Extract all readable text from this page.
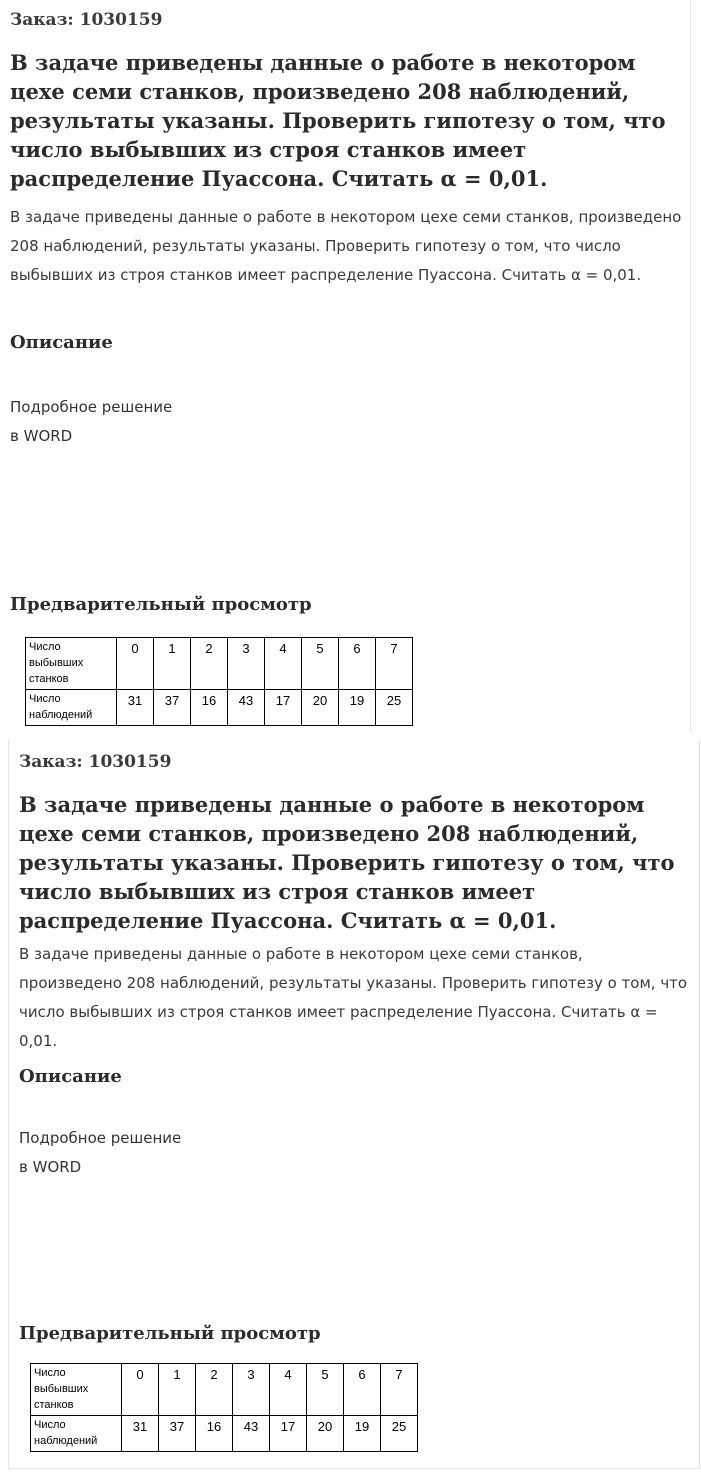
Заказ: 1030159
В задаче приведены данные о работе в некотором цехе семи станков, произведено 208 наблюдений, результаты указаны. Проверить гипотезу о том, что число выбывших из строя станков имеет распределение Пуассона. Считать α = 0,01.

В задаче приведены данные о работе в некотором цехе семи станков, произведено 208 наблюдений, результаты указаны. Проверить гипотезу о том, что число выбывших из строя станков имеет распределение Пуассона. Считать α = 0,01.

Описание
Подробное решение
в WORD
Предварительный просмотр
Число выбывших станков	0	1	2	3	4	5	6	7
Число наблюдений	31	37	16	43	17	20	19	25
Заказ: 1030159
В задаче приведены данные о работе в некотором цехе семи станков, произведено 208 наблюдений, результаты указаны. Проверить гипотезу о том, что число выбывших из строя станков имеет распределение Пуассона. Считать α = 0,01.

В задаче приведены данные о работе в некотором цехе семи станков, произведено 208 наблюдений, результаты указаны. Проверить гипотезу о том, что число выбывших из строя станков имеет распределение Пуассона. Считать α = 0,01.

Описание
Подробное решение
в WORD
Предварительный просмотр
Число выбывших станков	0	1	2	3	4	5	6	7
Число наблюдений	31	37	16	43	17	20	19	25
